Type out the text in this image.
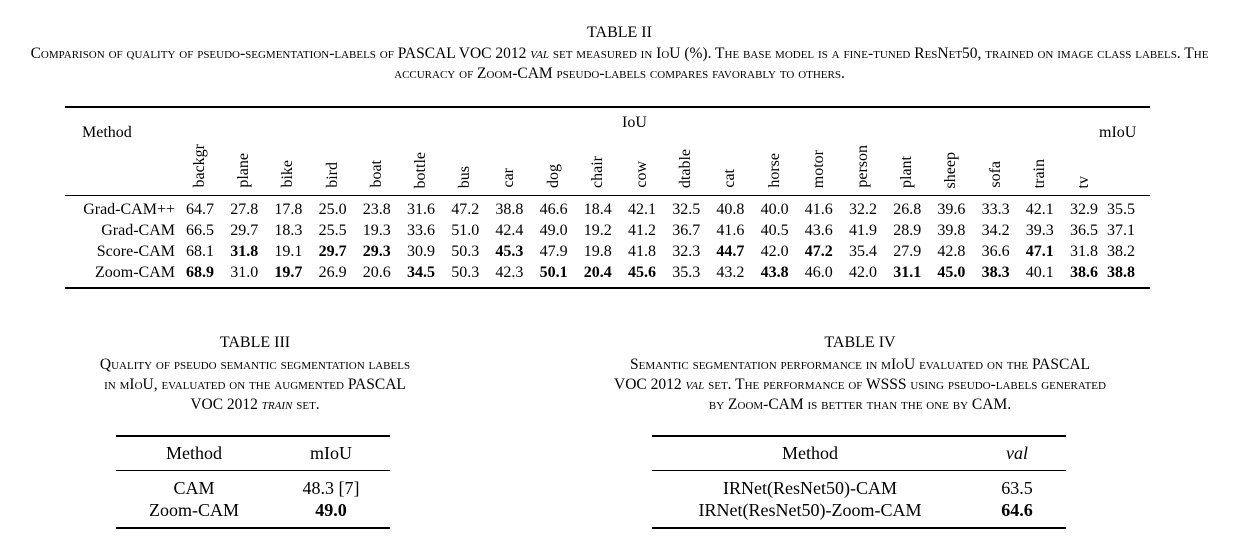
TABLE II
Comparison of quality of pseudo-segmentation-labels of PASCAL VOC 2012 val set measured in IoU (%). The base model is a fine-tuned ResNet50, trained on image class labels. The accuracy of Zoom-CAM pseudo-labels compares favorably to others.
Method
IoU
mIoU
backgr plane bike bird boat bottle bus car dog chair cow dtable cat horse motor person plant sheep sofa train tv
Grad-CAM++ 64.7	27.8	17.8	25.0	23.8	31.6	47.2	38.8	46.6	18.4	42.1	32.5	40.8	40.0	41.6	32.2	26.8	39.6	33.3	42.1	32.9 35.5
Grad-CAM 66.5	29.7	18.3	25.5	19.3	33.6	51.0	42.4	49.0	19.2	41.2	36.7	41.6	40.5	43.6	41.9	28.9	39.8	34.2	39.3	36.5 37.1
Score-CAM 68.1	31.8	19.1	29.7	29.3	30.9	50.3	45.3	47.9	19.8	41.8	32.3	44.7	42.0	47.2	35.4	27.9	42.8	36.6	47.1	31.8 38.2
Zoom-CAM 68.9	31.0	19.7	26.9	20.6	34.5	50.3	42.3	50.1	20.4	45.6	35.3	43.2	43.8	46.0	42.0	31.1	45.0	38.3	40.1	38.6 38.8
TABLE III
Quality of pseudo semantic segmentation labels
in mIoU, evaluated on the augmented PASCAL
VOC 2012 train set.
Method	mIoU
CAM	48.3 [7]
Zoom-CAM	49.0
TABLE IV
Semantic segmentation performance in mIoU evaluated on the PASCAL
VOC 2012 val set. The performance of WSSS using pseudo-labels generated
by Zoom-CAM is better than the one by CAM.
Method	val
IRNet(ResNet50)-CAM	63.5
IRNet(ResNet50)-Zoom-CAM	64.6
